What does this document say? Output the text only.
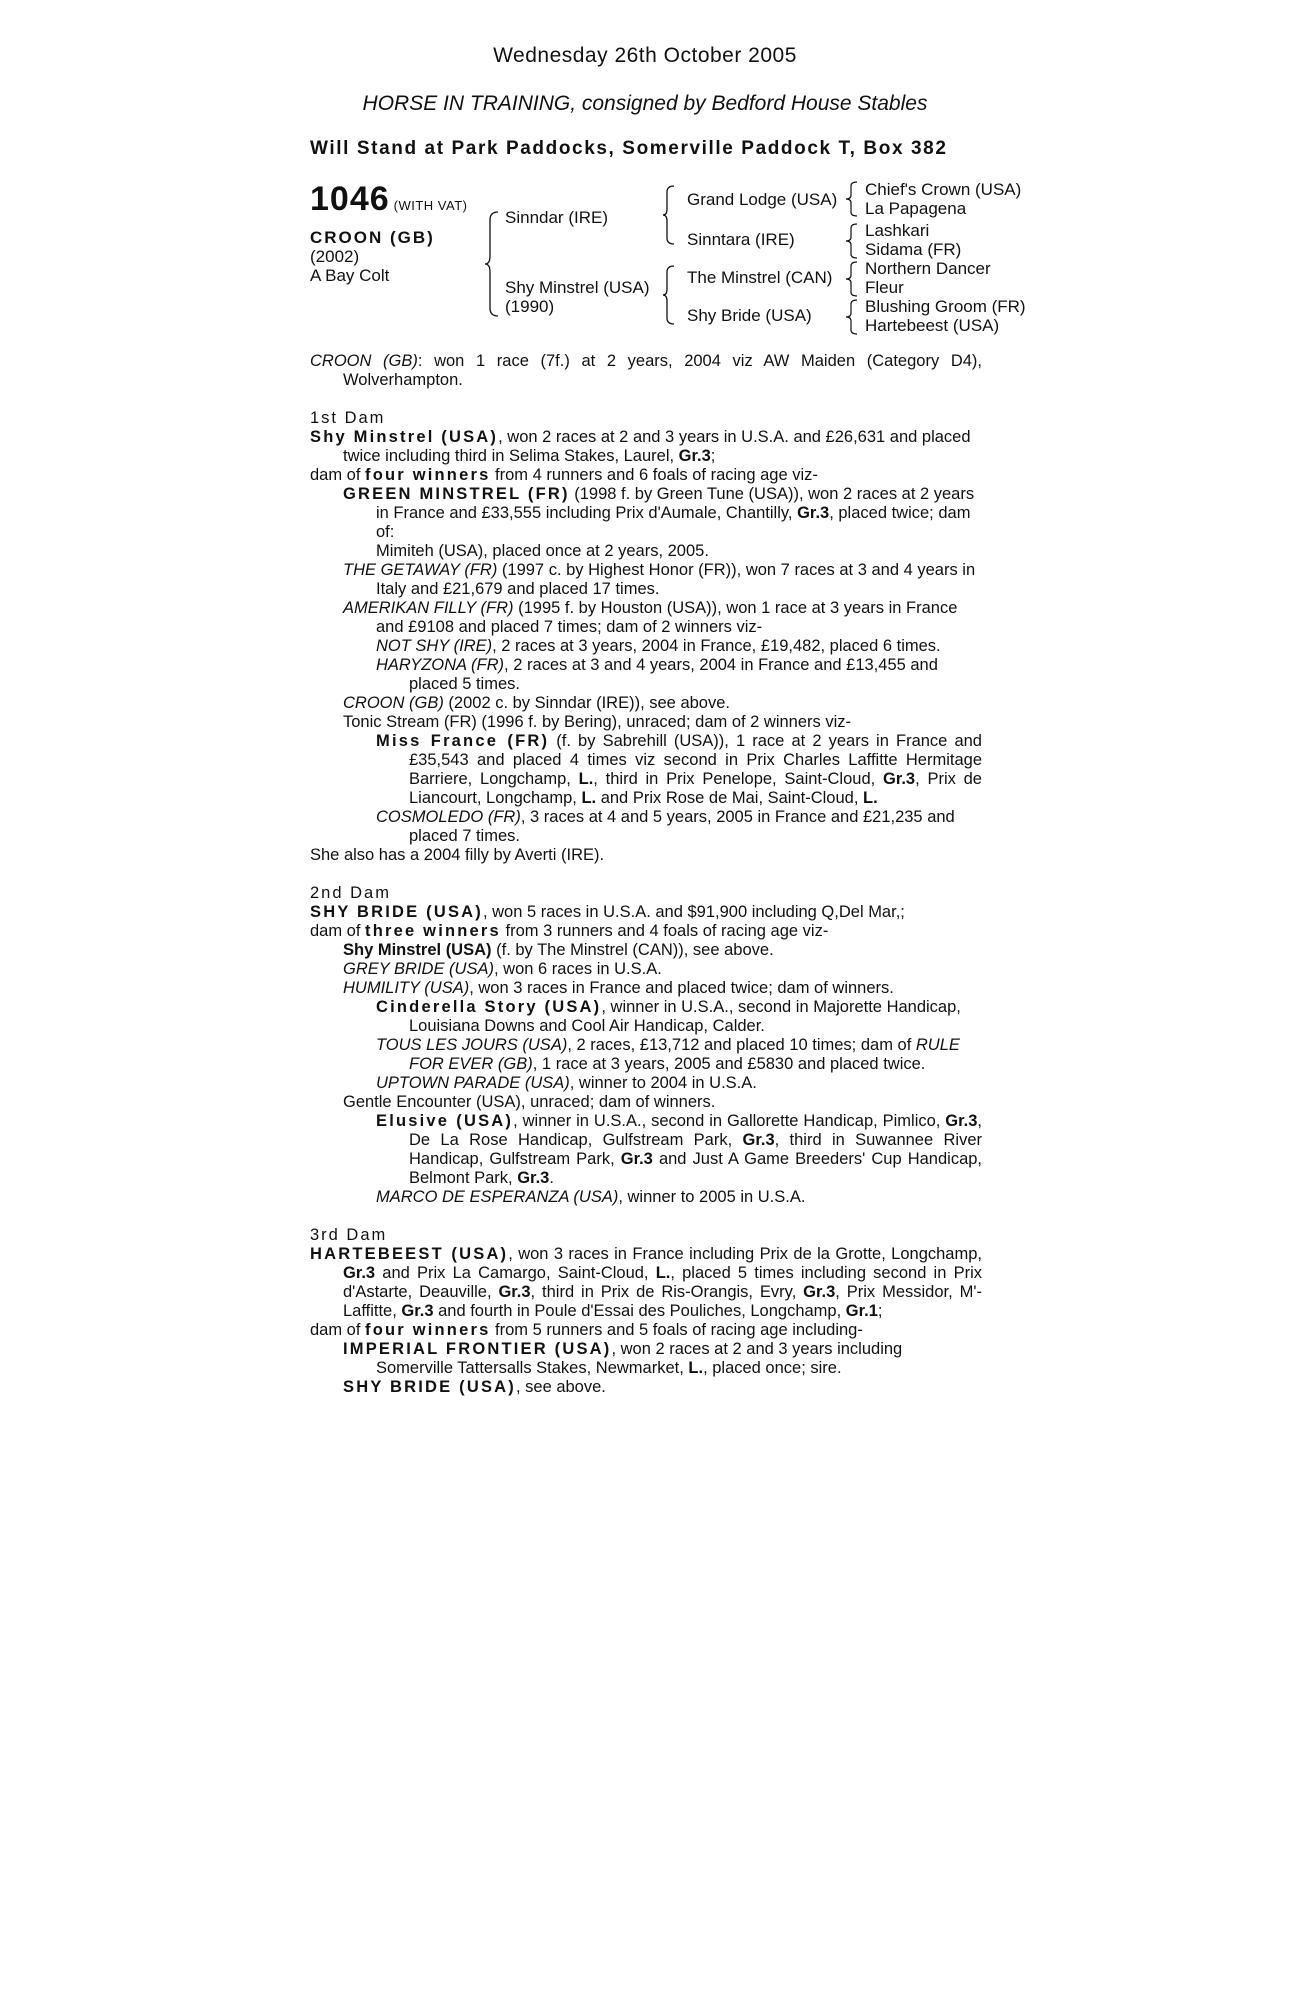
Wednesday 26th October 2005
HORSE IN TRAINING, consigned by Bedford House Stables
Will Stand at Park Paddocks, Somerville Paddock T, Box 382
1046 (WITH VAT)
CROON (GB)
(2002)
A Bay Colt
Sinndar (IRE)
Shy Minstrel (USA)
(1990)
Grand Lodge (USA)
Sinntara (IRE)
The Minstrel (CAN)
Shy Bride (USA)
Chief's Crown (USA)
La Papagena
Lashkari
Sidama (FR)
Northern Dancer
Fleur
Blushing Groom (FR)
Hartebeest (USA)

CROON (GB): won 1 race (7f.) at 2 years, 2004 viz AW Maiden (Category D4), Wolverhampton.

1st Dam

Shy Minstrel (USA), won 2 races at 2 and 3 years in U.S.A. and £26,631 and placed twice including third in Selima Stakes, Laurel, Gr.3;

dam of four winners from 4 runners and 6 foals of racing age viz-

GREEN MINSTREL (FR) (1998 f. by Green Tune (USA)), won 2 races at 2 years in France and £33,555 including Prix d'Aumale, Chantilly, Gr.3, placed twice; dam of:

Mimiteh (USA), placed once at 2 years, 2005.

THE GETAWAY (FR) (1997 c. by Highest Honor (FR)), won 7 races at 3 and 4 years in Italy and £21,679 and placed 17 times.

AMERIKAN FILLY (FR) (1995 f. by Houston (USA)), won 1 race at 3 years in France and £9108 and placed 7 times; dam of 2 winners viz-

NOT SHY (IRE), 2 races at 3 years, 2004 in France, £19,482, placed 6 times.

HARYZONA (FR), 2 races at 3 and 4 years, 2004 in France and £13,455 and placed 5 times.

CROON (GB) (2002 c. by Sinndar (IRE)), see above.

Tonic Stream (FR) (1996 f. by Bering), unraced; dam of 2 winners viz-

Miss France (FR) (f. by Sabrehill (USA)), 1 race at 2 years in France and £35,543 and placed 4 times viz second in Prix Charles Laffitte Hermitage Barriere, Longchamp, L., third in Prix Penelope, Saint-Cloud, Gr.3, Prix de Liancourt, Longchamp, L. and Prix Rose de Mai, Saint-Cloud, L.

COSMOLEDO (FR), 3 races at 4 and 5 years, 2005 in France and £21,235 and placed 7 times.

She also has a 2004 filly by Averti (IRE).

2nd Dam

SHY BRIDE (USA), won 5 races in U.S.A. and $91,900 including Q,Del Mar,;

dam of three winners from 3 runners and 4 foals of racing age viz-

Shy Minstrel (USA) (f. by The Minstrel (CAN)), see above.

GREY BRIDE (USA), won 6 races in U.S.A.

HUMILITY (USA), won 3 races in France and placed twice; dam of winners.

Cinderella Story (USA), winner in U.S.A., second in Majorette Handicap, Louisiana Downs and Cool Air Handicap, Calder.

TOUS LES JOURS (USA), 2 races, £13,712 and placed 10 times; dam of RULE FOR EVER (GB), 1 race at 3 years, 2005 and £5830 and placed twice.

UPTOWN PARADE (USA), winner to 2004 in U.S.A.

Gentle Encounter (USA), unraced; dam of winners.

Elusive (USA), winner in U.S.A., second in Gallorette Handicap, Pimlico, Gr.3, De La Rose Handicap, Gulfstream Park, Gr.3, third in Suwannee River Handicap, Gulfstream Park, Gr.3 and Just A Game Breeders' Cup Handicap, Belmont Park, Gr.3.

MARCO DE ESPERANZA (USA), winner to 2005 in U.S.A.

3rd Dam

HARTEBEEST (USA), won 3 races in France including Prix de la Grotte, Longchamp, Gr.3 and Prix La Camargo, Saint-Cloud, L., placed 5 times including second in Prix d'Astarte, Deauville, Gr.3, third in Prix de Ris-Orangis, Evry, Gr.3, Prix Messidor, M'-Laffitte, Gr.3 and fourth in Poule d'Essai des Pouliches, Longchamp, Gr.1;

dam of four winners from 5 runners and 5 foals of racing age including-

IMPERIAL FRONTIER (USA), won 2 races at 2 and 3 years including Somerville Tattersalls Stakes, Newmarket, L., placed once; sire.

SHY BRIDE (USA), see above.
